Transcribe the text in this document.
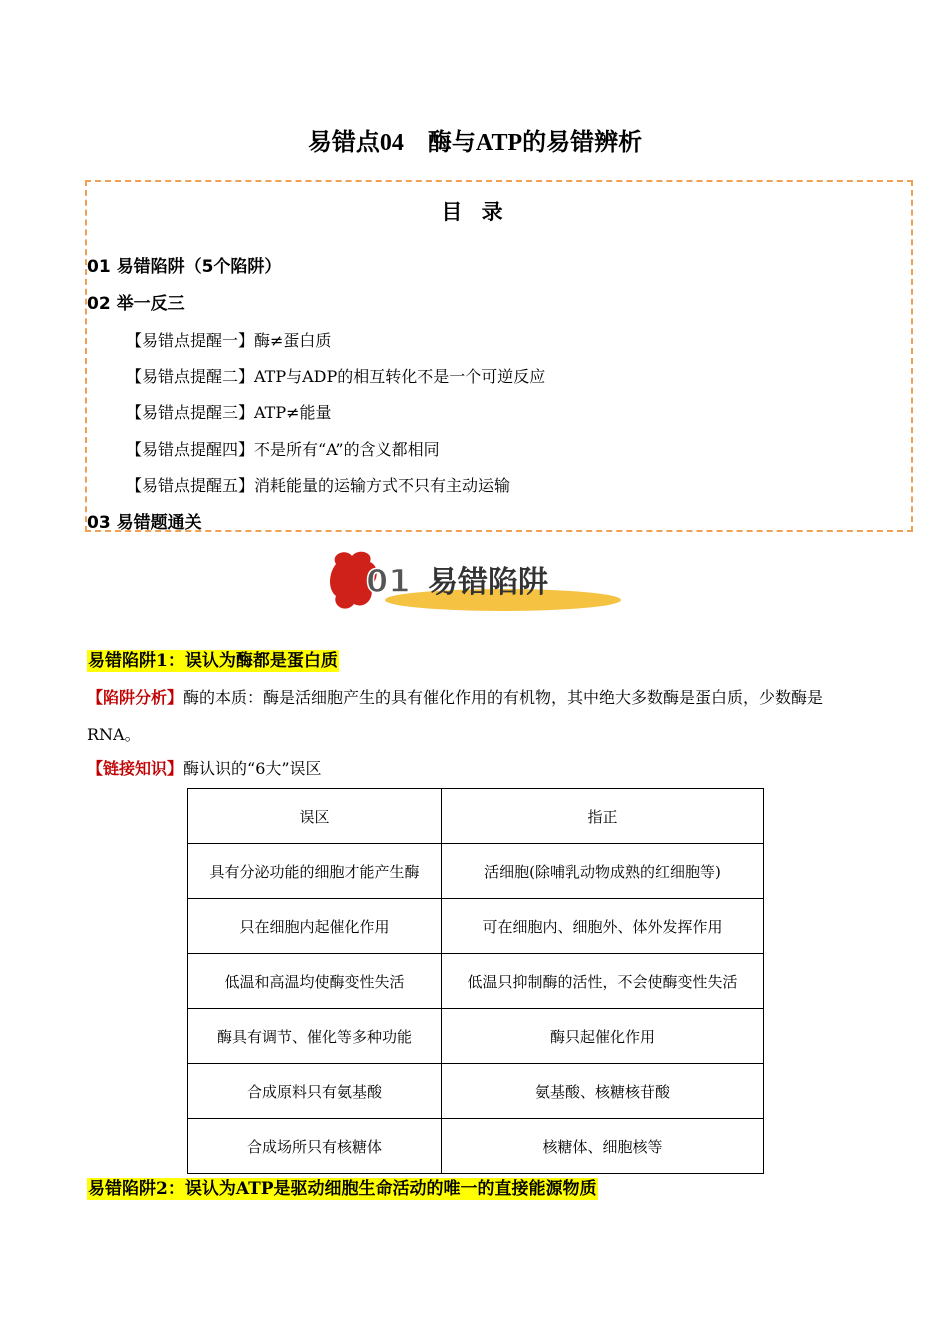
易错点04　酶与ATP的易错辨析
目 录
01 易错陷阱（5个陷阱）
02 举一反三
【易错点提醒一】酶≠蛋白质
【易错点提醒二】ATP与ADP的相互转化不是一个可逆反应
【易错点提醒三】ATP≠能量
【易错点提醒四】不是所有“A”的含义都相同
【易错点提醒五】消耗能量的运输方式不只有主动运输
03 易错题通关
01 易错陷阱
易错陷阱1：误认为酶都是蛋白质
【陷阱分析】酶的本质：酶是活细胞产生的具有催化作用的有机物，其中绝大多数酶是蛋白质，少数酶是
RNA。
【链接知识】酶认识的“6大”误区
误区	指正
具有分泌功能的细胞才能产生酶	活细胞(除哺乳动物成熟的红细胞等)
只在细胞内起催化作用	可在细胞内、细胞外、体外发挥作用
低温和高温均使酶变性失活	低温只抑制酶的活性，不会使酶变性失活
酶具有调节、催化等多种功能	酶只起催化作用
合成原料只有氨基酸	氨基酸、核糖核苷酸
合成场所只有核糖体	核糖体、细胞核等
易错陷阱2：误认为ATP是驱动细胞生命活动的唯一的直接能源物质
